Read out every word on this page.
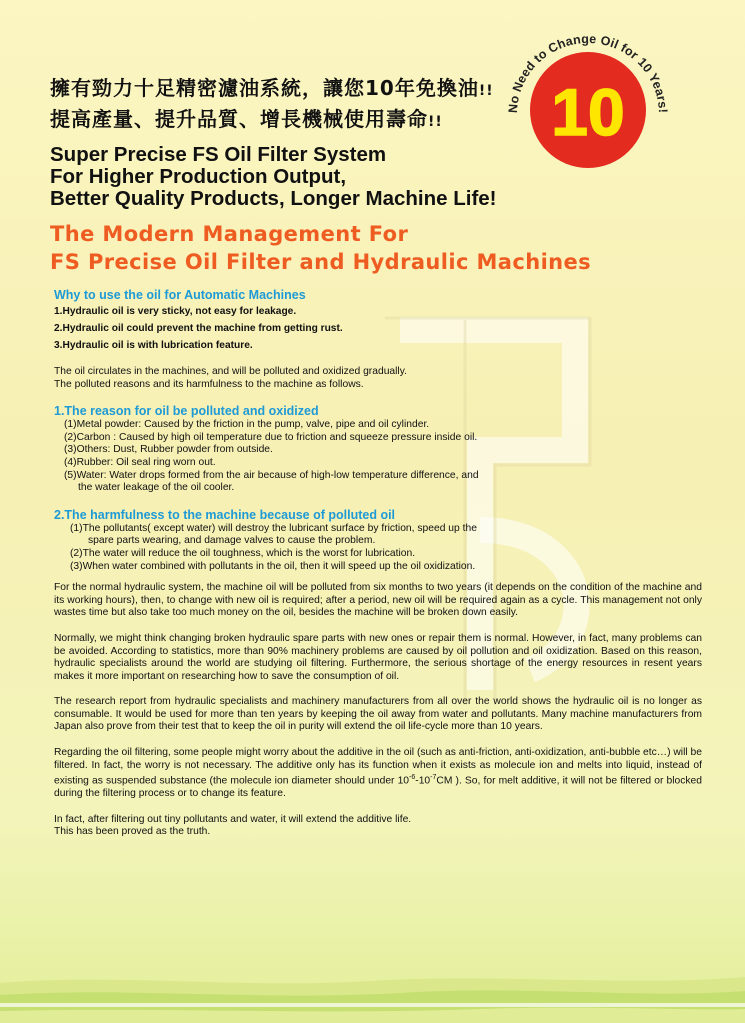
擁有勁力十足精密濾油系統，讓您10年免換油!!
提高產量、提升品質、增長機械使用壽命!!
Super Precise FS Oil Filter System
For Higher Production Output,
Better Quality Products, Longer Machine Life!
The Modern Management For
FS Precise Oil Filter and Hydraulic Machines
10
No Need to Change Oil for 10 Years!
Why to use the oil for Automatic Machines
1.Hydraulic oil is very sticky, not easy for leakage.
2.Hydraulic oil could prevent the machine from getting rust.
3.Hydraulic oil is with lubrication feature.
The oil circulates in the machines, and will be polluted and oxidized gradually.
The polluted reasons and its harmfulness to the machine as follows.
1.The reason for oil be polluted and oxidized
(1)Metal powder: Caused by the friction in the pump, valve, pipe and oil cylinder.
(2)Carbon : Caused by high oil temperature due to friction and squeeze pressure inside oil.
(3)Others: Dust, Rubber powder from outside.
(4)Rubber: Oil seal ring worn out.
(5)Water: Water drops formed from the air because of high-low temperature difference, and
the water leakage of the oil cooler.
2.The harmfulness to the machine because of polluted oil
(1)The pollutants( except water) will destroy the lubricant surface by friction, speed up the
spare parts wearing, and damage valves to cause the problem.
(2)The water will reduce the oil toughness, which is the worst for lubrication.
(3)When water combined with pollutants in the oil, then it will speed up the oil oxidization.

For the normal hydraulic system, the machine oil will be polluted from six months to two years (it depends on the condition of the machine and its working hours), then, to change with new oil is required; after a period, new oil will be required again as a cycle. This management not only wastes time but also take too much money on the oil, besides the machine will be broken down easily.

Normally, we might think changing broken hydraulic spare parts with new ones or repair them is normal. However, in fact, many problems can be avoided. According to statistics, more than 90% machinery problems are caused by oil pollution and oil oxidization. Based on this reason, hydraulic specialists around the world are studying oil filtering. Furthermore, the serious shortage of the energy resources in resent years makes it more important on researching how to save the consumption of oil.

The research report from hydraulic specialists and machinery manufacturers from all over the world shows the hydraulic oil is no longer as consumable. It would be used for more than ten years by keeping the oil away from water and pollutants. Many machine manufacturers from Japan also prove from their test that to keep the oil in purity will extend the oil life-cycle more than 10 years.

Regarding the oil filtering, some people might worry about the additive in the oil (such as anti-friction, anti-oxidization, anti-bubble etc…) will be filtered. In fact, the worry is not necessary. The additive only has its function when it exists as molecule ion and melts into liquid, instead of existing as suspended substance (the molecule ion diameter should under $10^{-6}-10^{-7}CM$ ). So, for melt additive, it will not be filtered or blocked during the filtering process or to change its feature.

In fact, after filtering out tiny pollutants and water, it will extend the additive life.
This has been proved as the truth.
